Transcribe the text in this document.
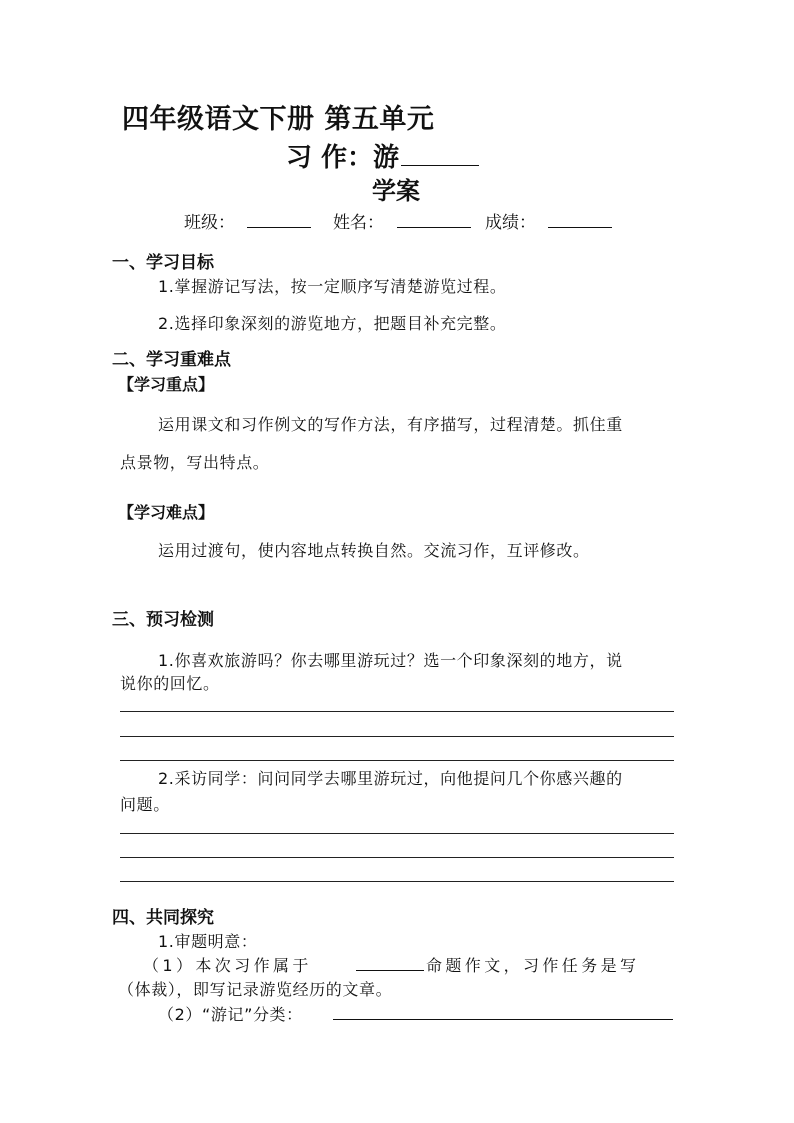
四年级语文下册 第五单元
习 作：游
学案
班级：	姓名：	成绩：
一、学习目标
1.掌握游记写法，按一定顺序写清楚游览过程。
2.选择印象深刻的游览地方，把题目补充完整。
二、学习重难点
【学习重点】
运用课文和习作例文的写作方法，有序描写，过程清楚。抓住重
点景物，写出特点。
【学习难点】
运用过渡句，使内容地点转换自然。交流习作，互评修改。
三、预习检测
1.你喜欢旅游吗？你去哪里游玩过？选一个印象深刻的地方，说
说你的回忆。
2.采访同学：问问同学去哪里游玩过，向他提问几个你感兴趣的
问题。
四、共同探究
1.审题明意：
（1）本次习作属于	命题作文，习作任务是写
（体裁），即写记录游览经历的文章。
（2）“游记”分类：
